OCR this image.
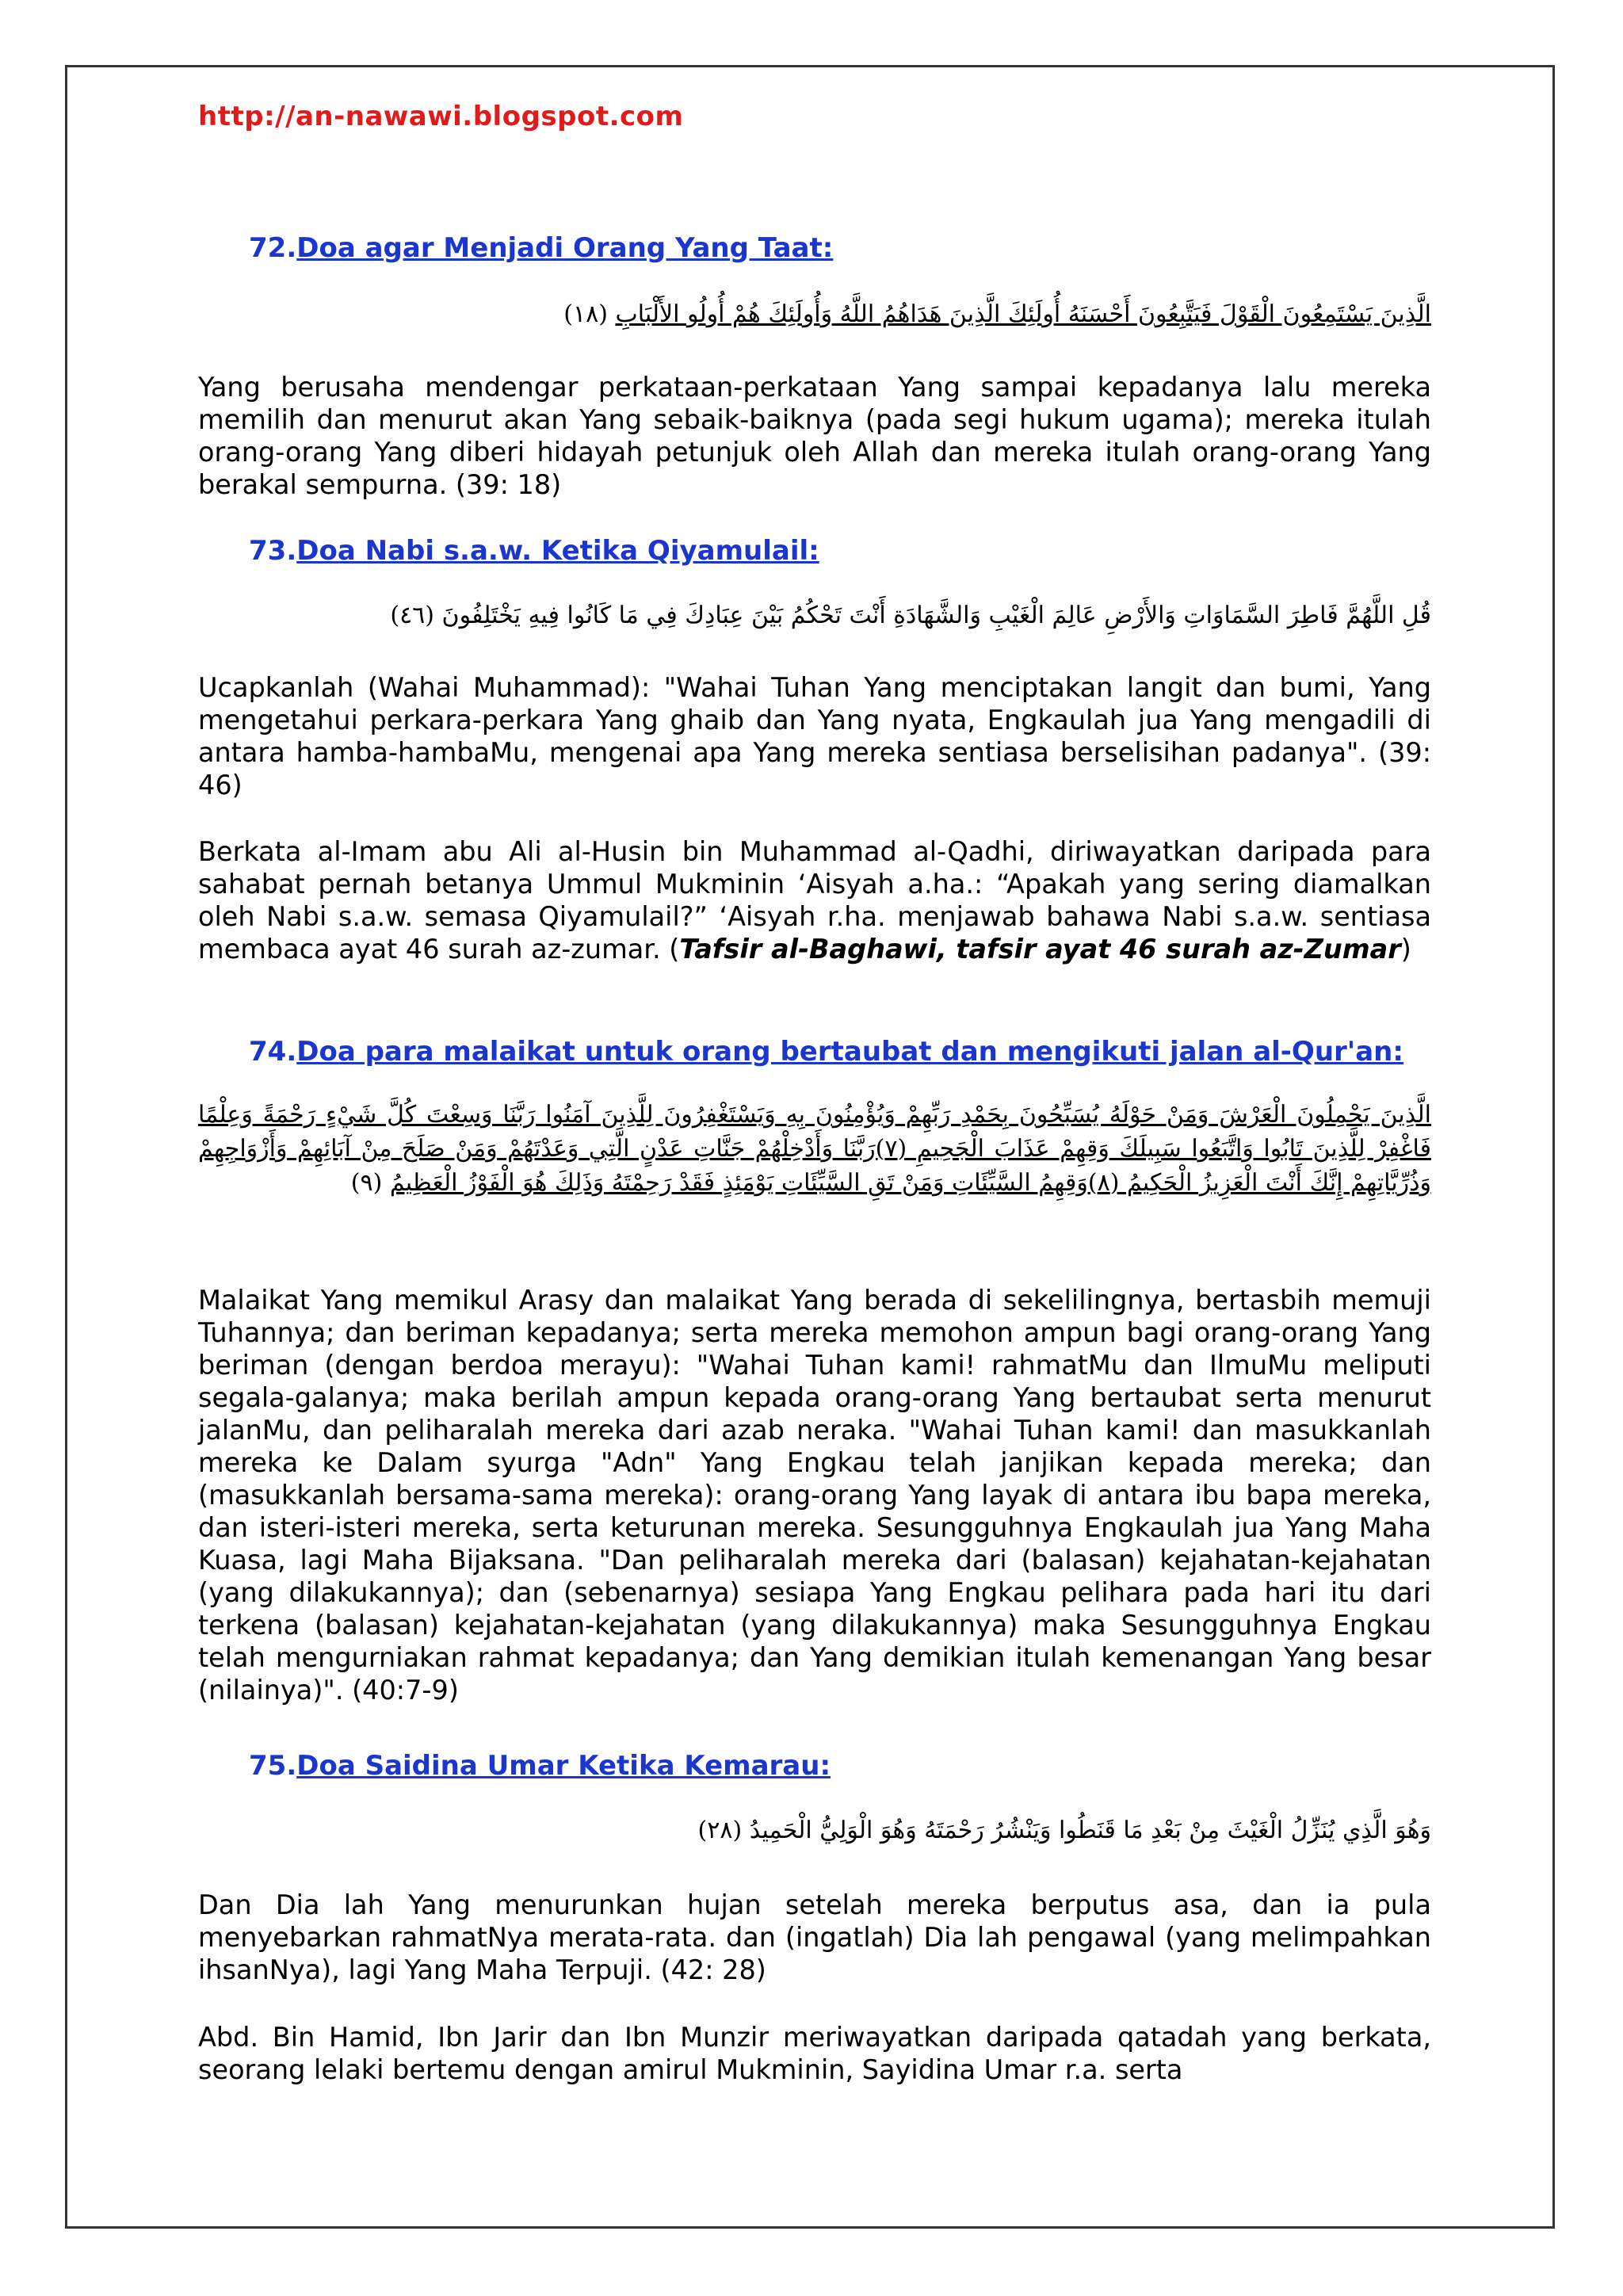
http://an-nawawi.blogspot.com
72.Doa agar Menjadi Orang Yang Taat:
الَّذِينَ يَسْتَمِعُونَ الْقَوْلَ فَيَتَّبِعُونَ أَحْسَنَهُ أُولَئِكَ الَّذِينَ هَدَاهُمُ اللَّهُ وَأُولَئِكَ هُمْ أُولُو الأَلْبَابِ (١٨)
Yang berusaha mendengar perkataan-perkataan Yang sampai kepadanya lalu mereka memilih dan menurut akan Yang sebaik-baiknya (pada segi hukum ugama); mereka itulah orang-orang Yang diberi hidayah petunjuk oleh Allah dan mereka itulah orang-orang Yang berakal sempurna. (39: 18)
73.Doa Nabi s.a.w. Ketika Qiyamulail:
قُلِ اللَّهُمَّ فَاطِرَ السَّمَاوَاتِ وَالأَرْضِ عَالِمَ الْغَيْبِ وَالشَّهَادَةِ أَنْتَ تَحْكُمُ بَيْنَ عِبَادِكَ فِي مَا كَانُوا فِيهِ يَخْتَلِفُونَ (٤٦)
Ucapkanlah (Wahai Muhammad): "Wahai Tuhan Yang menciptakan langit dan bumi, Yang mengetahui perkara-perkara Yang ghaib dan Yang nyata, Engkaulah jua Yang mengadili di antara hamba-hambaMu, mengenai apa Yang mereka sentiasa berselisihan padanya". (39: 46)
Berkata al-Imam abu Ali al-Husin bin Muhammad al-Qadhi, diriwayatkan daripada para sahabat pernah betanya Ummul Mukminin ‘Aisyah a.ha.: “Apakah yang sering diamalkan oleh Nabi s.a.w. semasa Qiyamulail?” ‘Aisyah r.ha. menjawab bahawa Nabi s.a.w. sentiasa membaca ayat 46 surah az-zumar. (Tafsir al-Baghawi, tafsir ayat 46 surah az-Zumar)
74.Doa para malaikat untuk orang bertaubat dan mengikuti jalan al-Qur'an:
الَّذِينَ يَحْمِلُونَ الْعَرْشَ وَمَنْ حَوْلَهُ يُسَبِّحُونَ بِحَمْدِ رَبِّهِمْ وَيُؤْمِنُونَ بِهِ وَيَسْتَغْفِرُونَ لِلَّذِينَ آمَنُوا رَبَّنَا وَسِعْتَ كُلَّ شَيْءٍ رَحْمَةً وَعِلْمًا فَاغْفِرْ لِلَّذِينَ تَابُوا وَاتَّبَعُوا سَبِيلَكَ وَقِهِمْ عَذَابَ الْجَحِيمِ (٧)رَبَّنَا وَأَدْخِلْهُمْ جَنَّاتِ عَدْنٍ الَّتِي وَعَدْتَهُمْ وَمَنْ صَلَحَ مِنْ آبَائِهِمْ وَأَزْوَاجِهِمْ وَذُرِّيَّاتِهِمْ إِنَّكَ أَنْتَ الْعَزِيزُ الْحَكِيمُ (٨)وَقِهِمُ السَّيِّئَاتِ وَمَنْ تَقِ السَّيِّئَاتِ يَوْمَئِذٍ فَقَدْ رَحِمْتَهُ وَذَلِكَ هُوَ الْفَوْزُ الْعَظِيمُ (٩)
Malaikat Yang memikul Arasy dan malaikat Yang berada di sekelilingnya, bertasbih memuji Tuhannya; dan beriman kepadanya; serta mereka memohon ampun bagi orang-orang Yang beriman (dengan berdoa merayu): "Wahai Tuhan kami! rahmatMu dan IlmuMu meliputi segala-galanya; maka berilah ampun kepada orang-orang Yang bertaubat serta menurut jalanMu, dan peliharalah mereka dari azab neraka. "Wahai Tuhan kami! dan masukkanlah mereka ke Dalam syurga "Adn" Yang Engkau telah janjikan kepada mereka; dan (masukkanlah bersama-sama mereka): orang-orang Yang layak di antara ibu bapa mereka, dan isteri-isteri mereka, serta keturunan mereka. Sesungguhnya Engkaulah jua Yang Maha Kuasa, lagi Maha Bijaksana. "Dan peliharalah mereka dari (balasan) kejahatan-kejahatan (yang dilakukannya); dan (sebenarnya) sesiapa Yang Engkau pelihara pada hari itu dari terkena (balasan) kejahatan-kejahatan (yang dilakukannya) maka Sesungguhnya Engkau telah mengurniakan rahmat kepadanya; dan Yang demikian itulah kemenangan Yang besar (nilainya)". (40:7-9)
75.Doa Saidina Umar Ketika Kemarau:
وَهُوَ الَّذِي يُنَزِّلُ الْغَيْثَ مِنْ بَعْدِ مَا قَنَطُوا وَيَنْشُرُ رَحْمَتَهُ وَهُوَ الْوَلِيُّ الْحَمِيدُ (٢٨)
Dan Dia lah Yang menurunkan hujan setelah mereka berputus asa, dan ia pula menyebarkan rahmatNya merata-rata. dan (ingatlah) Dia lah pengawal (yang melimpahkan ihsanNya), lagi Yang Maha Terpuji. (42: 28)
Abd. Bin Hamid, Ibn Jarir dan Ibn Munzir meriwayatkan daripada qatadah yang berkata, seorang lelaki bertemu dengan amirul Mukminin, Sayidina Umar r.a. serta
